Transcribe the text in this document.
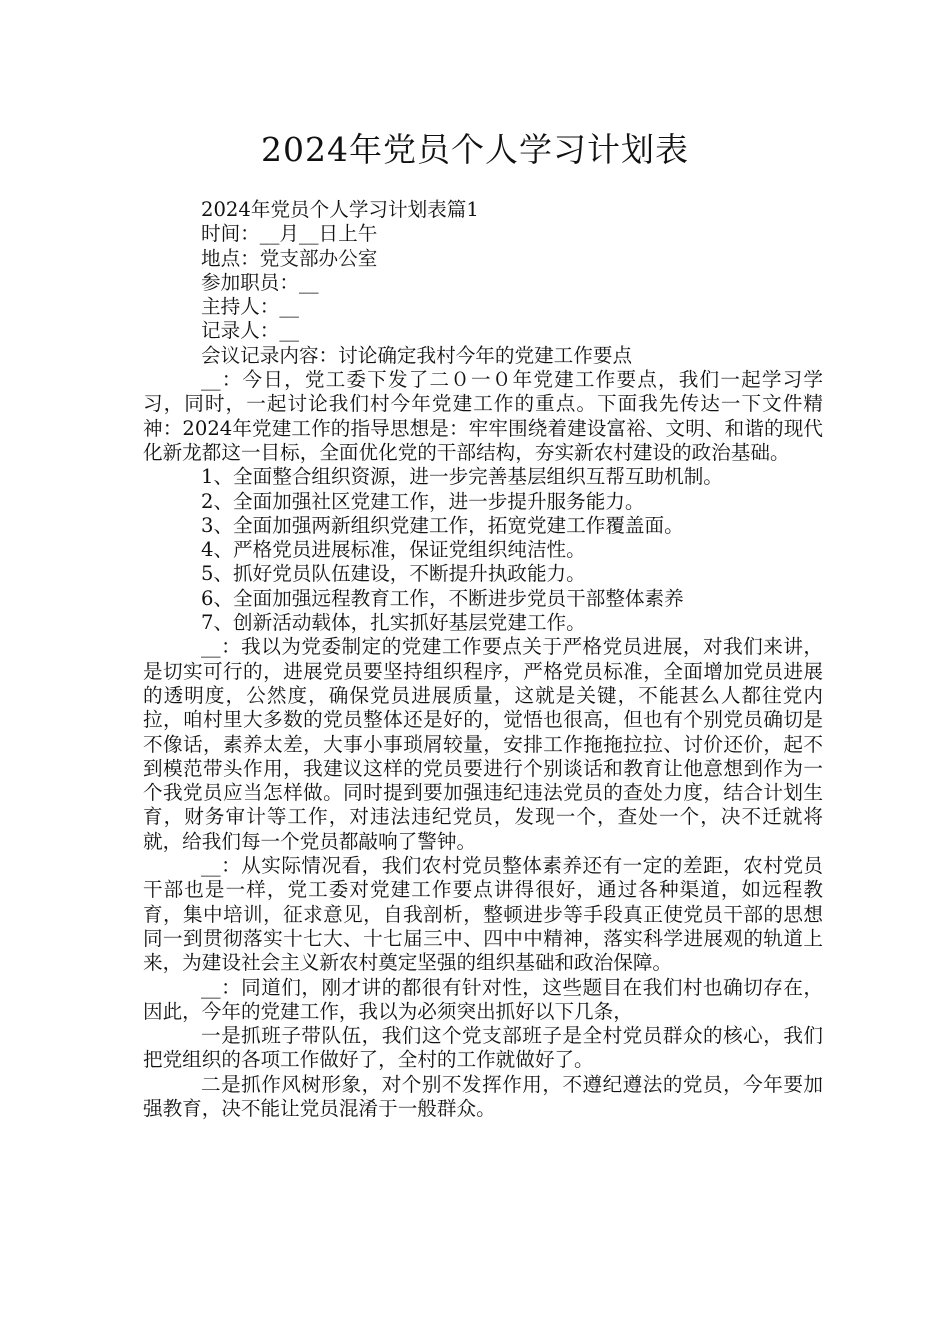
2024年党员个人学习计划表

2024年党员个人学习计划表篇1

时间：__月__日上午

地点：党支部办公室

参加职员：__

主持人：__

记录人：__

会议记录内容：讨论确定我村今年的党建工作要点

__：今日，党工委下发了二０一０年党建工作要点，我们一起学习学习，同时，一起讨论我们村今年党建工作的重点。下面我先传达一下文件精神：2024年党建工作的指导思想是：牢牢围绕着建设富裕、文明、和谐的现代化新龙都这一目标，全面优化党的干部结构，夯实新农村建设的政治基础。

1、全面整合组织资源，进一步完善基层组织互帮互助机制。

2、全面加强社区党建工作，进一步提升服务能力。

3、全面加强两新组织党建工作，拓宽党建工作覆盖面。

4、严格党员进展标准，保证党组织纯洁性。

5、抓好党员队伍建设，不断提升执政能力。

6、全面加强远程教育工作，不断进步党员干部整体素养

7、创新活动载体，扎实抓好基层党建工作。

__：我以为党委制定的党建工作要点关于严格党员进展，对我们来讲，是切实可行的，进展党员要坚持组织程序，严格党员标准，全面增加党员进展的透明度，公然度，确保党员进展质量，这就是关键，不能甚么人都往党内拉，咱村里大多数的党员整体还是好的，觉悟也很高，但也有个别党员确切是不像话，素养太差，大事小事琐屑较量，安排工作拖拖拉拉、讨价还价，起不到模范带头作用，我建议这样的党员要进行个别谈话和教育让他意想到作为一个我党员应当怎样做。同时提到要加强违纪违法党员的查处力度，结合计划生育，财务审计等工作，对违法违纪党员，发现一个，查处一个，决不迁就将就，给我们每一个党员都敲响了警钟。

__：从实际情况看，我们农村党员整体素养还有一定的差距，农村党员干部也是一样，党工委对党建工作要点讲得很好，通过各种渠道，如远程教育，集中培训，征求意见，自我剖析，整顿进步等手段真正使党员干部的思想同一到贯彻落实十七大、十七届三中、四中中精神，落实科学进展观的轨道上来，为建设社会主义新农村奠定坚强的组织基础和政治保障。

__：同道们，刚才讲的都很有针对性，这些题目在我们村也确切存在，因此，今年的党建工作，我以为必须突出抓好以下几条，

一是抓班子带队伍，我们这个党支部班子是全村党员群众的核心，我们把党组织的各项工作做好了，全村的工作就做好了。

二是抓作风树形象，对个别不发挥作用，不遵纪遵法的党员，今年要加强教育，决不能让党员混淆于一般群众。
